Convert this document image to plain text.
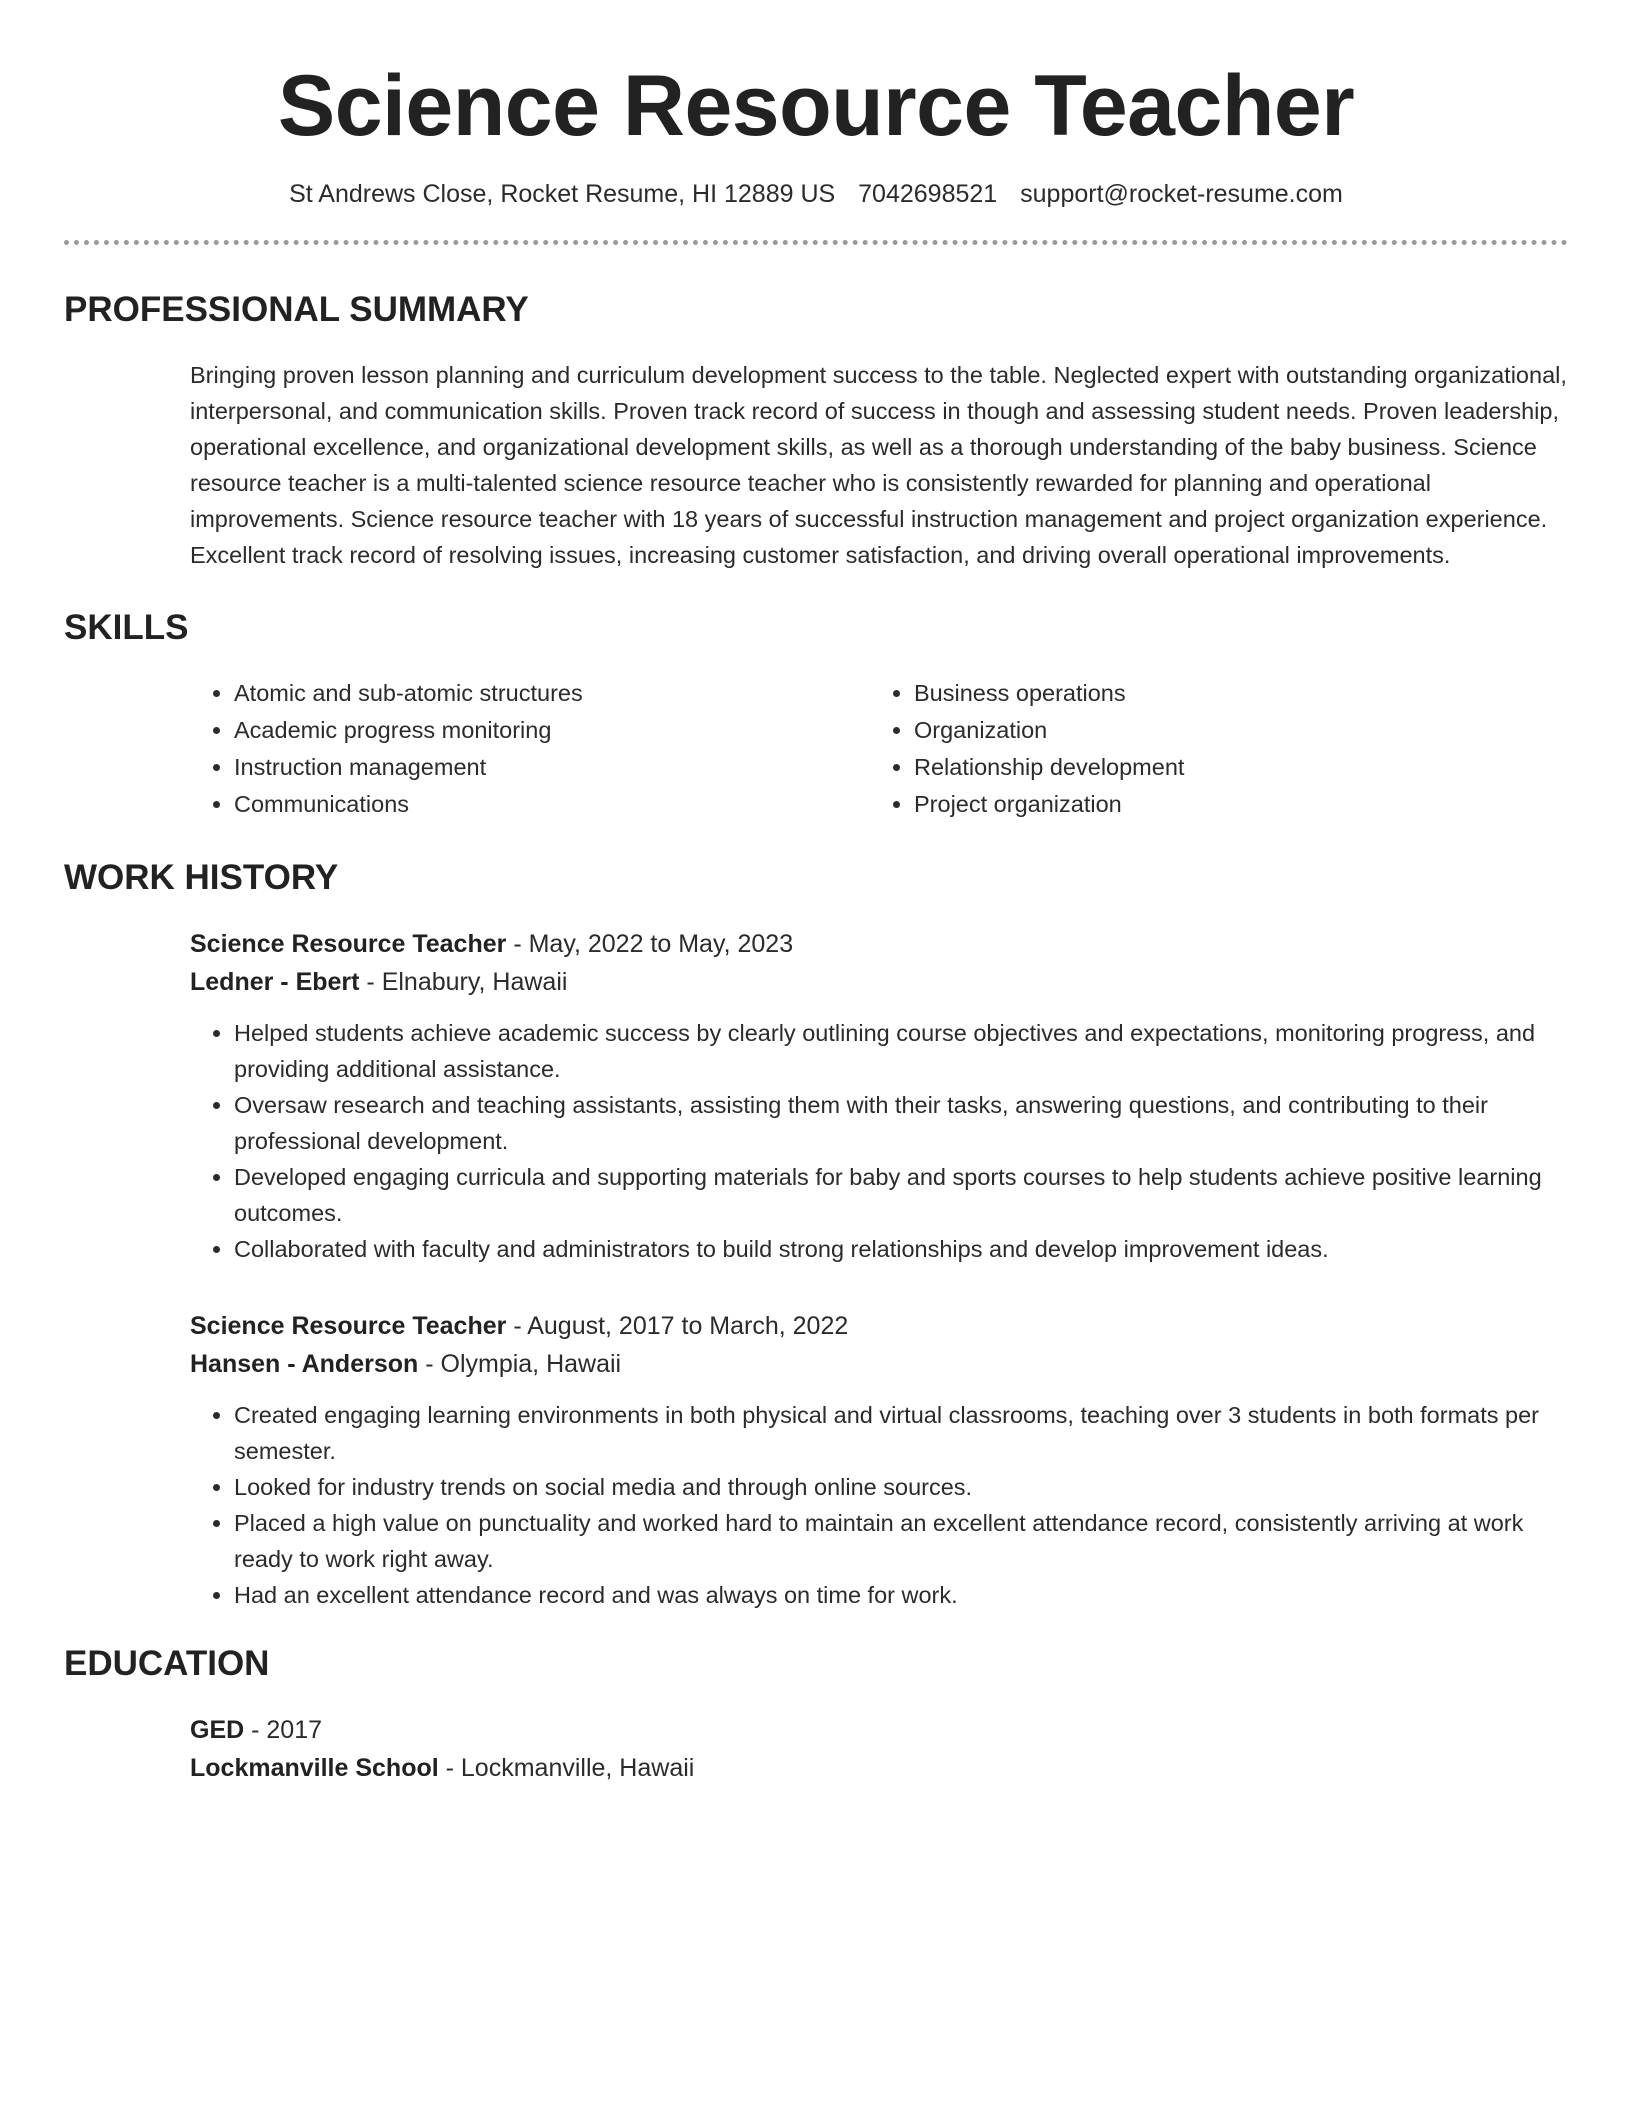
Science Resource Teacher
St Andrews Close, Rocket Resume, HI 12889 US 7042698521 support@rocket-resume.com
PROFESSIONAL SUMMARY

Bringing proven lesson planning and curriculum development success to the table. Neglected expert with outstanding organizational, interpersonal, and communication skills. Proven track record of success in though and assessing student needs. Proven leadership, operational excellence, and organizational development skills, as well as a thorough understanding of the baby business. Science resource teacher is a multi-talented science resource teacher who is consistently rewarded for planning and operational improvements. Science resource teacher with 18 years of successful instruction management and project organization experience. Excellent track record of resolving issues, increasing customer satisfaction, and driving overall operational improvements.

SKILLS
• Atomic and sub-atomic structures
• Academic progress monitoring
• Instruction management
• Communications
• Business operations
• Organization
• Relationship development
• Project organization
WORK HISTORY
Science Resource Teacher - May, 2022 to May, 2023
Ledner - Ebert - Elnabury, Hawaii
• Helped students achieve academic success by clearly outlining course objectives and expectations, monitoring progress, and providing additional assistance.
• Oversaw research and teaching assistants, assisting them with their tasks, answering questions, and contributing to their professional development.
• Developed engaging curricula and supporting materials for baby and sports courses to help students achieve positive learning outcomes.
• Collaborated with faculty and administrators to build strong relationships and develop improvement ideas.
Science Resource Teacher - August, 2017 to March, 2022
Hansen - Anderson - Olympia, Hawaii
• Created engaging learning environments in both physical and virtual classrooms, teaching over 3 students in both formats per semester.
• Looked for industry trends on social media and through online sources.
• Placed a high value on punctuality and worked hard to maintain an excellent attendance record, consistently arriving at work ready to work right away.
• Had an excellent attendance record and was always on time for work.
EDUCATION
GED - 2017
Lockmanville School - Lockmanville, Hawaii
